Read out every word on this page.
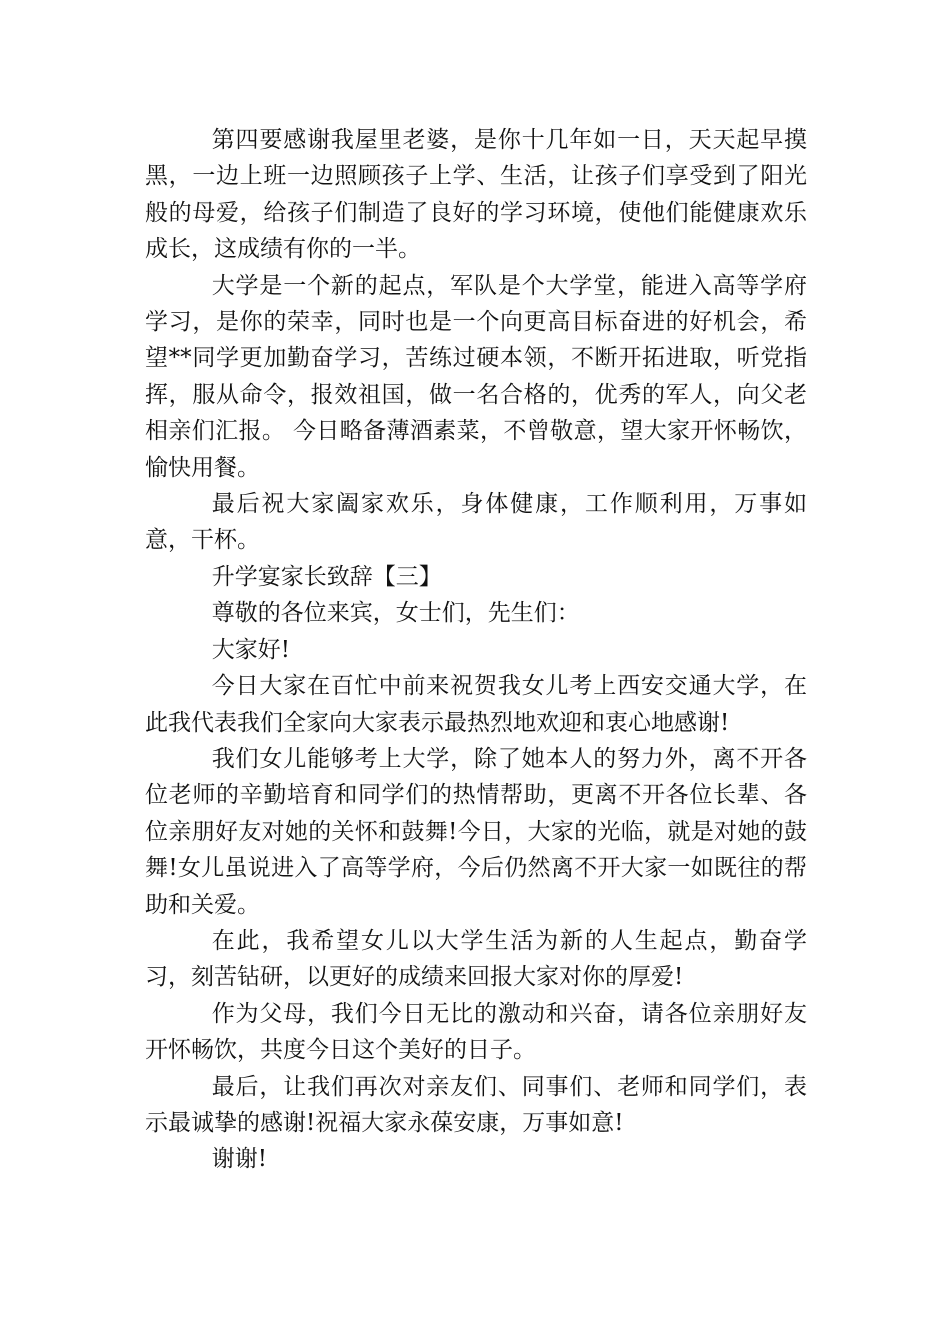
第四要感谢我屋里老婆，是你十几年如一日，天天起早摸黑，一边上班一边照顾孩子上学、生活，让孩子们享受到了阳光般的母爱，给孩子们制造了良好的学习环境，使他们能健康欢乐成长，这成绩有你的一半。

大学是一个新的起点，军队是个大学堂，能进入高等学府学习，是你的荣幸，同时也是一个向更高目标奋进的好机会，希望**同学更加勤奋学习，苦练过硬本领，不断开拓进取，听党指挥，服从命令，报效祖国，做一名合格的，优秀的军人，向父老相亲们汇报。 今日略备薄酒素菜，不曾敬意，望大家开怀畅饮，愉快用餐。

最后祝大家阖家欢乐，身体健康，工作顺利用，万事如意，干杯。

升学宴家长致辞【三】

尊敬的各位来宾，女士们，先生们：

大家好!

今日大家在百忙中前来祝贺我女儿考上西安交通大学，在此我代表我们全家向大家表示最热烈地欢迎和衷心地感谢!

我们女儿能够考上大学，除了她本人的努力外，离不开各位老师的辛勤培育和同学们的热情帮助，更离不开各位长辈、各位亲朋好友对她的关怀和鼓舞!今日，大家的光临，就是对她的鼓舞!女儿虽说进入了高等学府，今后仍然离不开大家一如既往的帮助和关爱。

在此，我希望女儿以大学生活为新的人生起点，勤奋学习，刻苦钻研，以更好的成绩来回报大家对你的厚爱!

作为父母，我们今日无比的激动和兴奋，请各位亲朋好友开怀畅饮，共度今日这个美好的日子。

最后，让我们再次对亲友们、同事们、老师和同学们，表示最诚挚的感谢!祝福大家永葆安康，万事如意!

谢谢!
